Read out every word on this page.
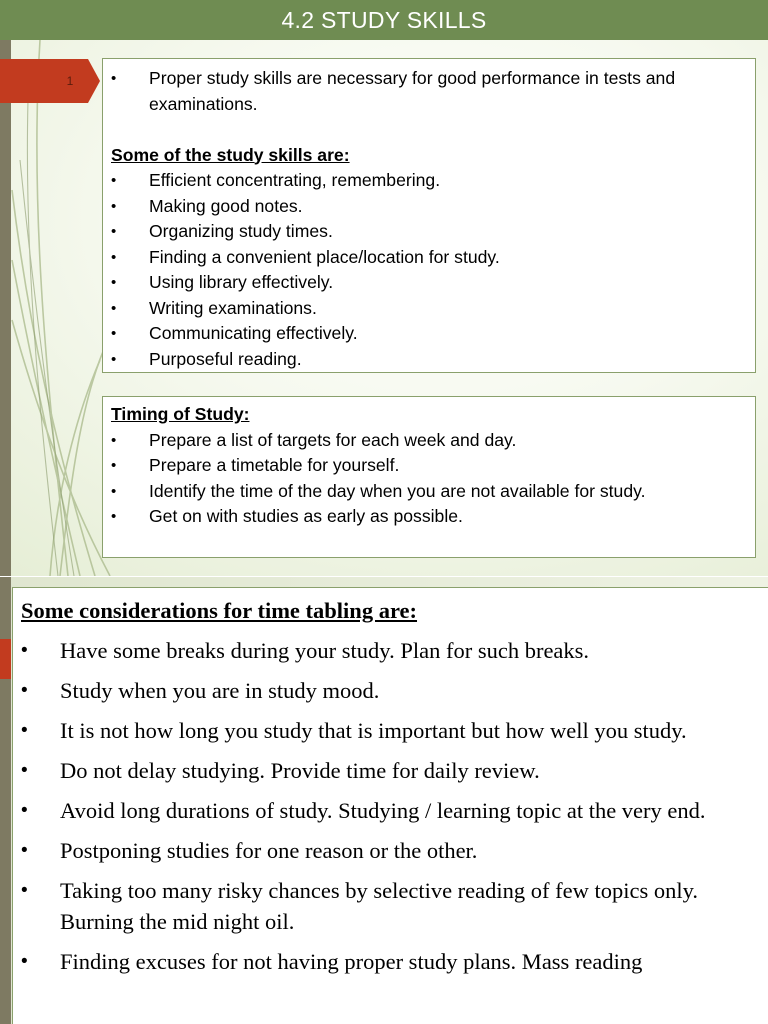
4.2 STUDY SKILLS
1	• Proper study skills are necessary for good performance in tests and examinations.
Some of the study skills are:
• Efficient concentrating, remembering.
• Making good notes.
• Organizing study times.
• Finding a convenient place/location for study.
• Using library effectively.
• Writing examinations.
• Communicating effectively.
• Purposeful reading.
Timing of Study:
• Prepare a list of targets for each week and day.
• Prepare a timetable for yourself.
• Identify the time of the day when you are not available for study.
• Get on with studies as early as possible.
Some considerations for time tabling are:
• Have some breaks during your study. Plan for such breaks.
• Study when you are in study mood.
• It is not how long you study that is important but how well you study.
• Do not delay studying. Provide time for daily review.
• Avoid long durations of study. Studying / learning topic at the very end.
• Postponing studies for one reason or the other.
• Taking too many risky chances by selective reading of few topics only. Burning the mid night oil.
• Finding excuses for not having proper study plans. Mass reading
